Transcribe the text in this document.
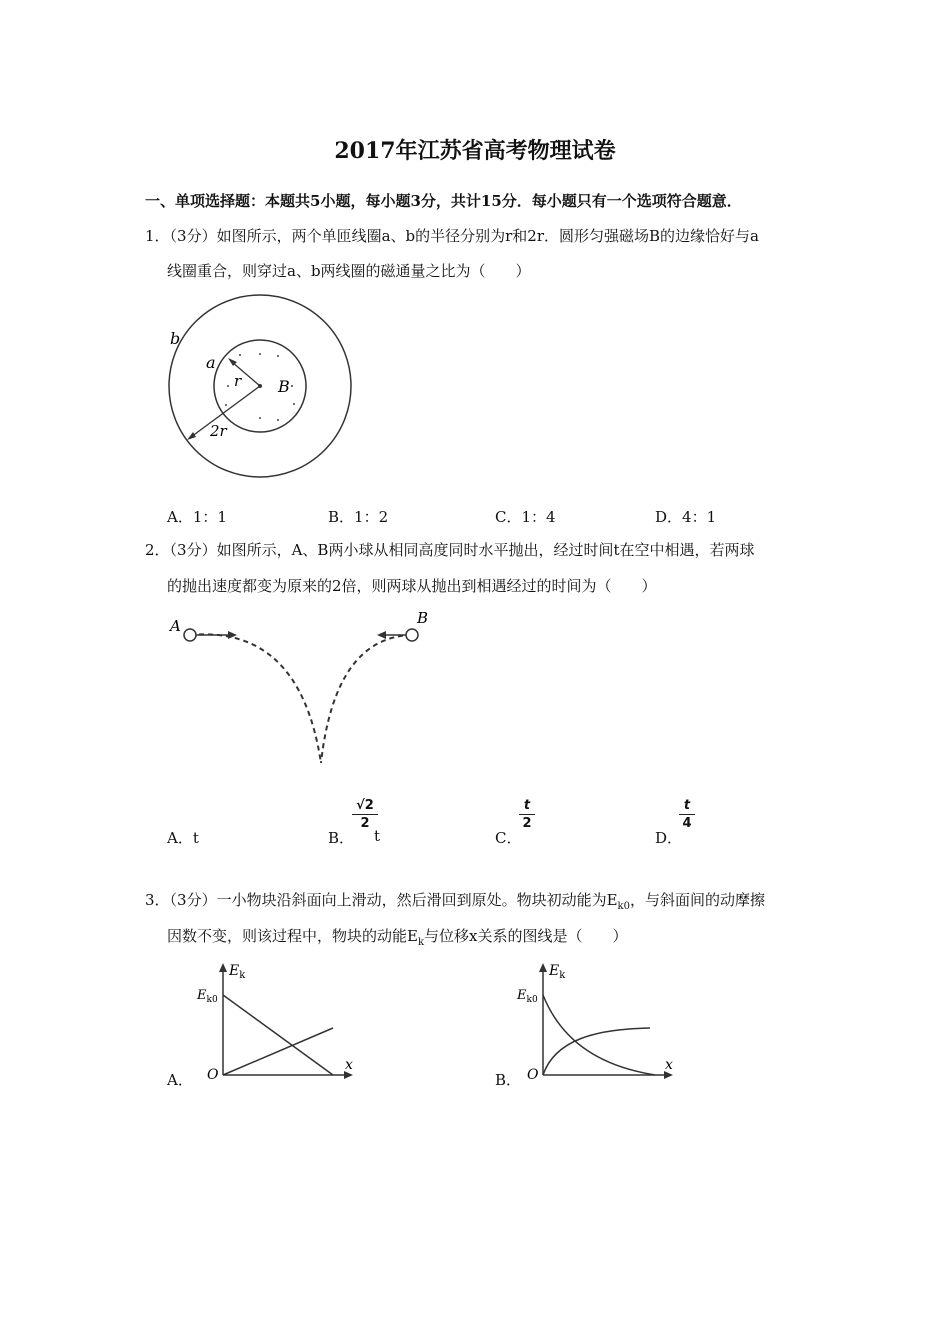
2017年江苏省高考物理试卷
一、单项选择题：本题共5小题，每小题3分，共计15分．每小题只有一个选项符合题意．
1．（3分）如图所示，两个单匝线圈a、b的半径分别为r和2r．圆形匀强磁场B的边缘恰好与a
线圈重合，则穿过a、b两线圈的磁通量之比为（　　）
b
a
r B
2r
A．1：1	B．1：2	C．1：4	D．4：1
2．（3分）如图所示，A、B两小球从相同高度同时水平抛出，经过时间t在空中相遇，若两球
的抛出速度都变为原来的2倍，则两球从抛出到相遇经过的时间为（　　）
A	B
A．t	B．
√2
2
t	C．
t
2
D．
t
4
3．（3分）一小物块沿斜面向上滑动，然后滑回到原处。物块初动能为$E_{k0}$，与斜面间的动摩擦
因数不变，则该过程中，物块的动能$E_k$与位移x关系的图线是（　　）
$E_k$
$E_{k0}$
O
x
A．
$E_k$
$E_{k0}$
O
x
B．
